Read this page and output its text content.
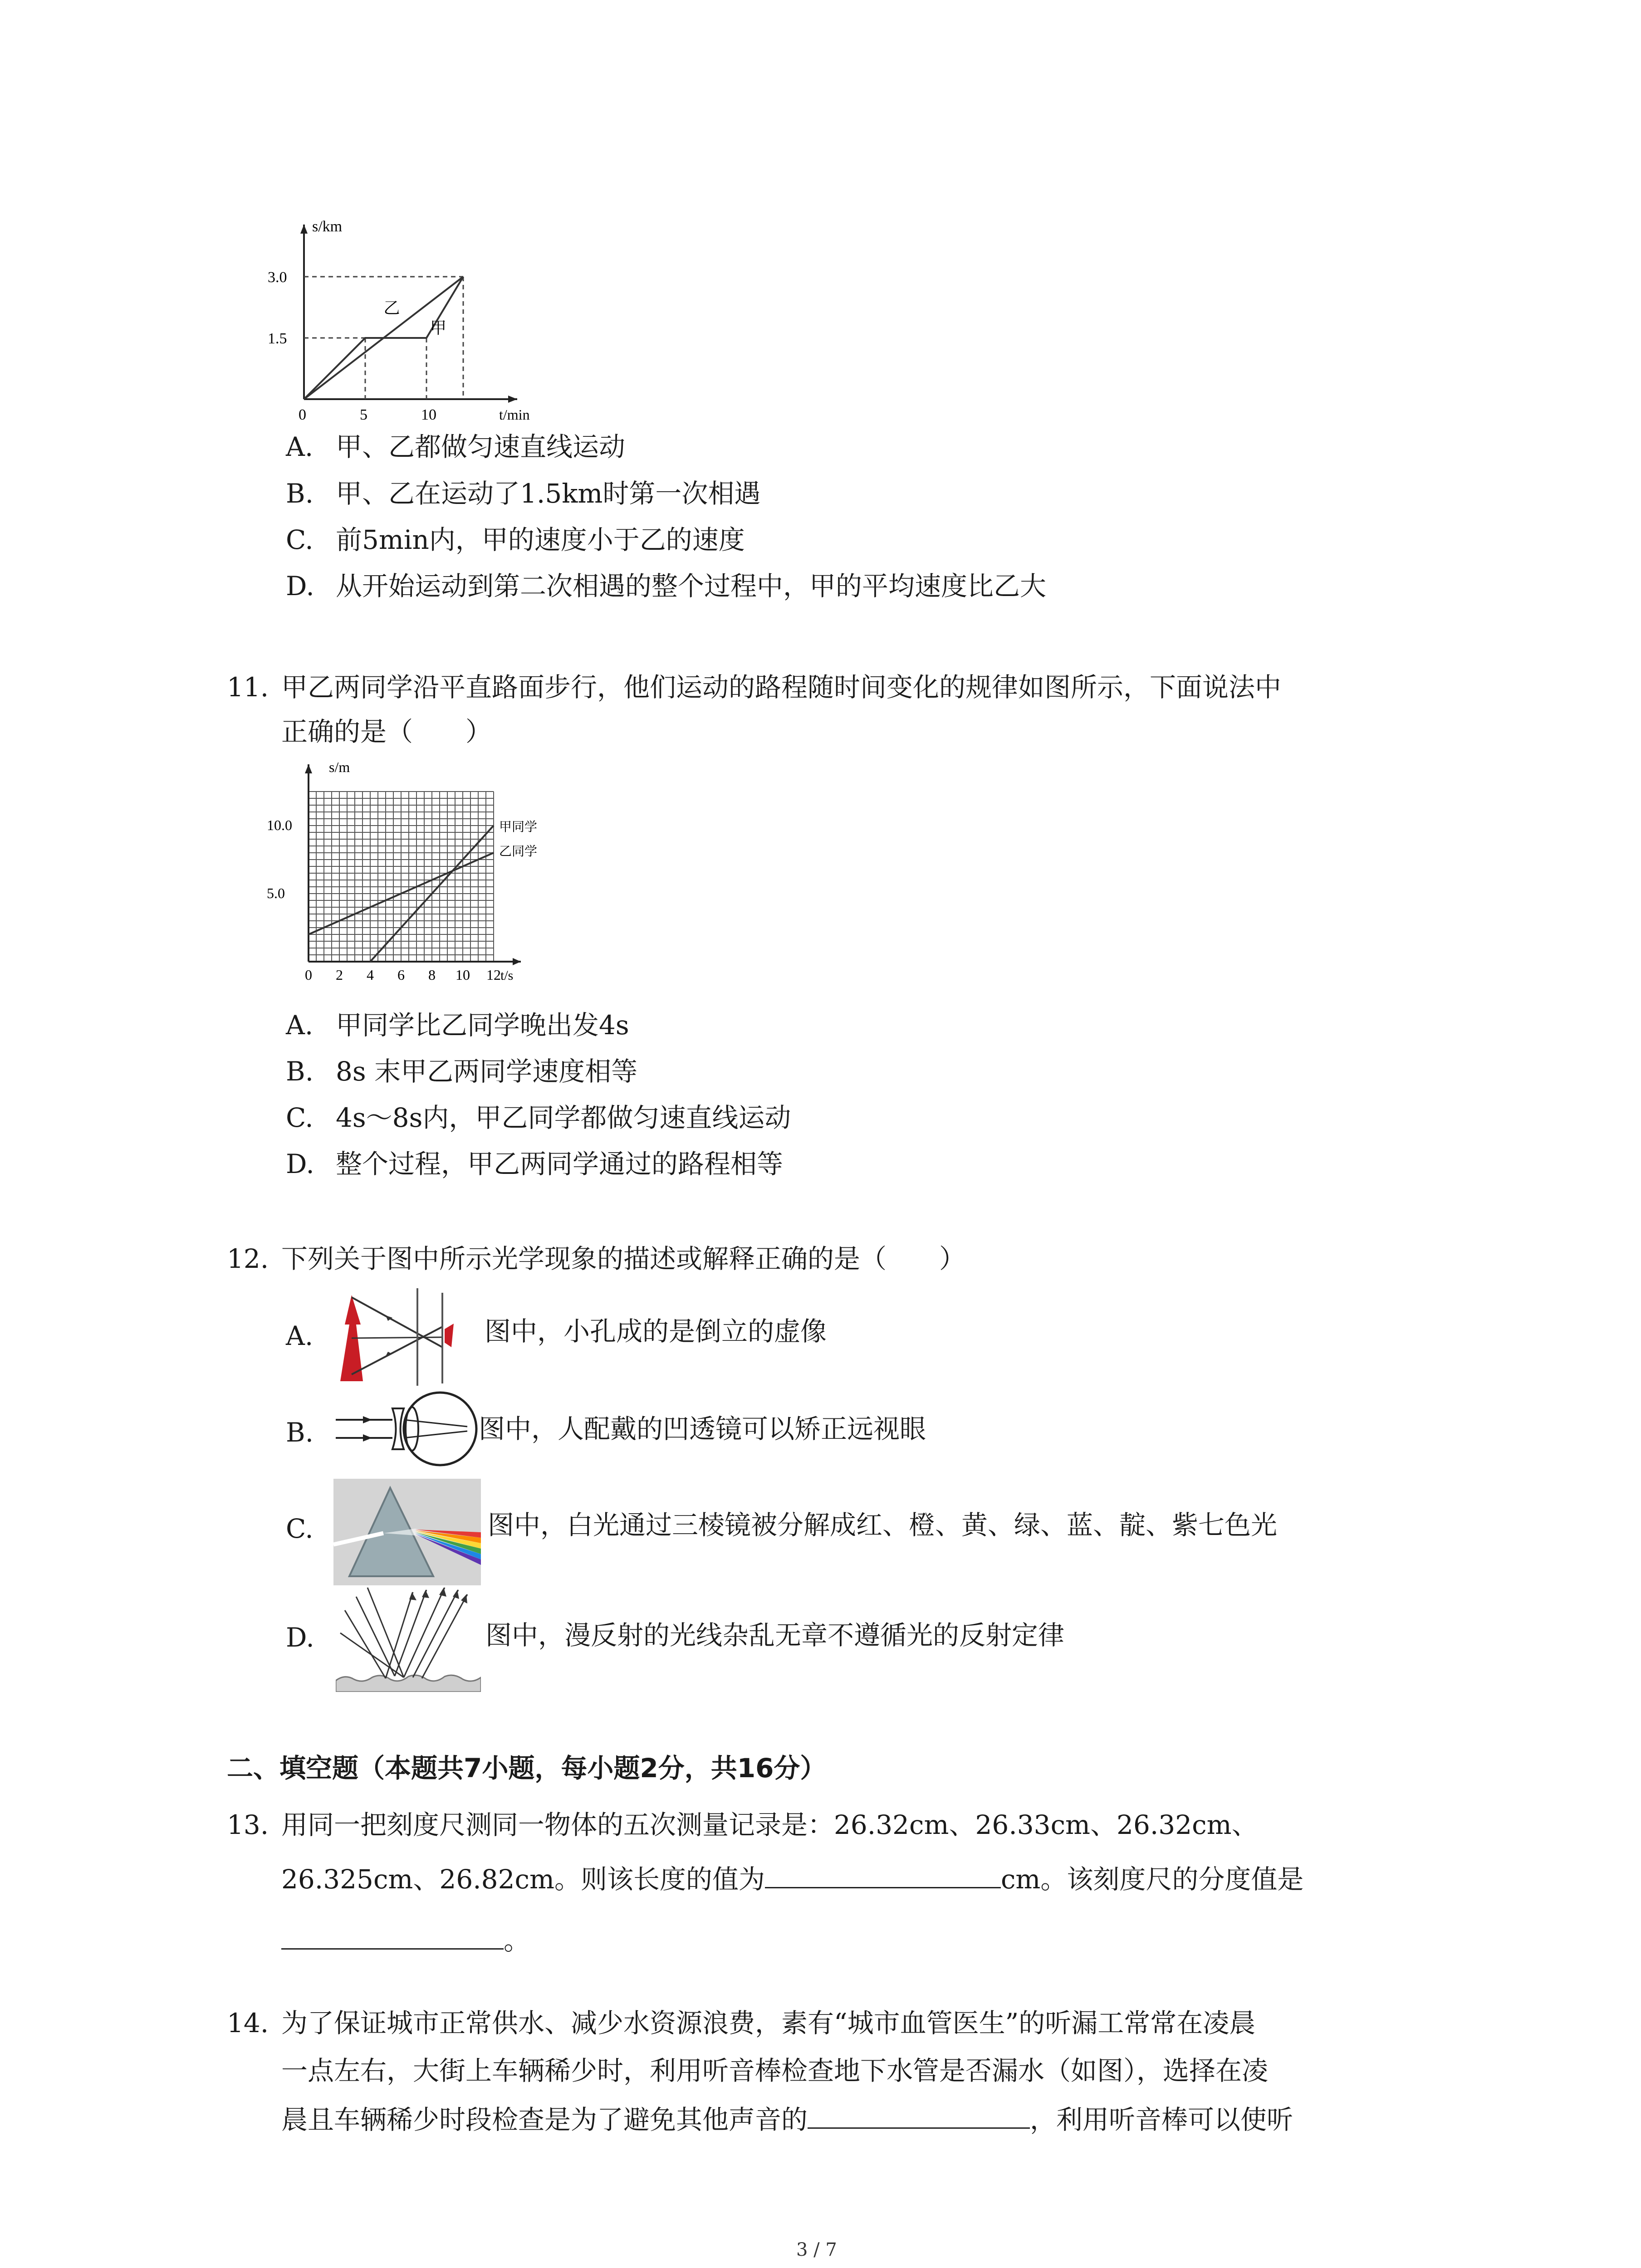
s/km
t/min
0	5	10
1.5
3.0
甲
乙
A. 甲、乙都做匀速直线运动
B. 甲、乙在运动了1.5km时第一次相遇
C. 前5min内，甲的速度小于乙的速度
D. 从开始运动到第二次相遇的整个过程中，甲的平均速度比乙大
11. 甲乙两同学沿平直路面步行，他们运动的路程随时间变化的规律如图所示，下面说法中
正确的是（　　）
s/m
t/s
0 2 4 6 8 10 12
5.0
10.0	甲同学
乙同学
A. 甲同学比乙同学晚出发4s
B. 8s 末甲乙两同学速度相等
C. 4s～8s内，甲乙同学都做匀速直线运动
D. 整个过程，甲乙两同学通过的路程相等
12. 下列关于图中所示光学现象的描述或解释正确的是（　　）
A.	图中，小孔成的是倒立的虚像
B.	图中，人配戴的凹透镜可以矫正远视眼
C.	图中，白光通过三棱镜被分解成红、橙、黄、绿、蓝、靛、紫七色光
D.	图中，漫反射的光线杂乱无章不遵循光的反射定律
二、填空题（本题共7小题，每小题2分，共16分）
13. 用同一把刻度尺测同一物体的五次测量记录是：26.32cm、26.33cm、26.32cm、
26.325cm、26.82cm。则该长度的值为	cm。该刻度尺的分度值是
。
14. 为了保证城市正常供水、减少水资源浪费，素有“城市血管医生”的听漏工常常在凌晨
一点左右，大街上车辆稀少时，利用听音棒检查地下水管是否漏水（如图），选择在凌
晨且车辆稀少时段检查是为了避免其他声音的	，利用听音棒可以使听
3 / 7
